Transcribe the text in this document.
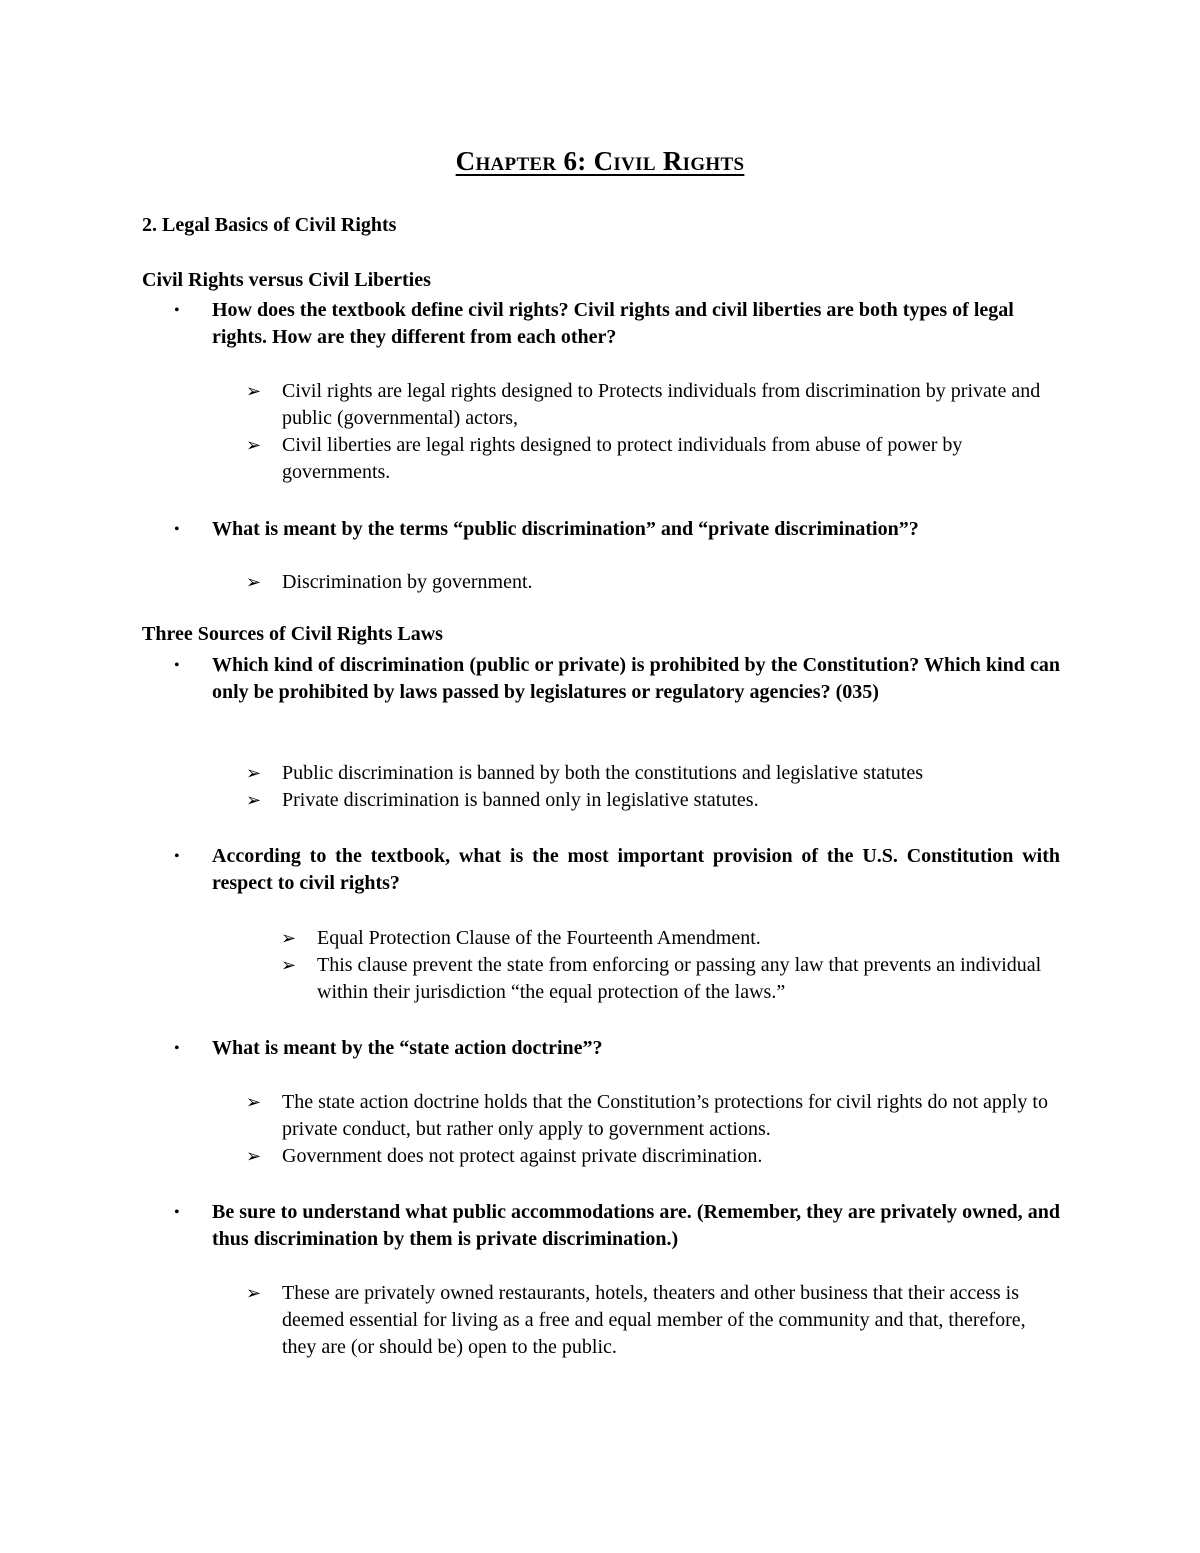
Chapter 6: Civil Rights
2. Legal Basics of Civil Rights
Civil Rights versus Civil Liberties
• How does the textbook define civil rights? Civil rights and civil liberties are both types of legal rights. How are they different from each other?
➢ Civil rights are legal rights designed to Protects individuals from discrimination by private and public (governmental) actors,
➢ Civil liberties are legal rights designed to protect individuals from abuse of power by governments.
• What is meant by the terms “public discrimination” and “private discrimination”?
➢ Discrimination by government.
Three Sources of Civil Rights Laws
• Which kind of discrimination (public or private) is prohibited by the Constitution? Which kind can only be prohibited by laws passed by legislatures or regulatory agencies? (035)
➢ Public discrimination is banned by both the constitutions and legislative statutes
➢ Private discrimination is banned only in legislative statutes.
• According to the textbook, what is the most important provision of the U.S. Constitution with respect to civil rights?
➢ Equal Protection Clause of the Fourteenth Amendment.
➢ This clause prevent the state from enforcing or passing any law that prevents an individual within their jurisdiction “the equal protection of the laws.”
• What is meant by the “state action doctrine”?
➢ The state action doctrine holds that the Constitution’s protections for civil rights do not apply to private conduct, but rather only apply to government actions.
➢ Government does not protect against private discrimination.
• Be sure to understand what public accommodations are. (Remember, they are privately owned, and thus discrimination by them is private discrimination.)
➢ These are privately owned restaurants, hotels, theaters and other business that their access is deemed essential for living as a free and equal member of the community and that, therefore, they are (or should be) open to the public.
